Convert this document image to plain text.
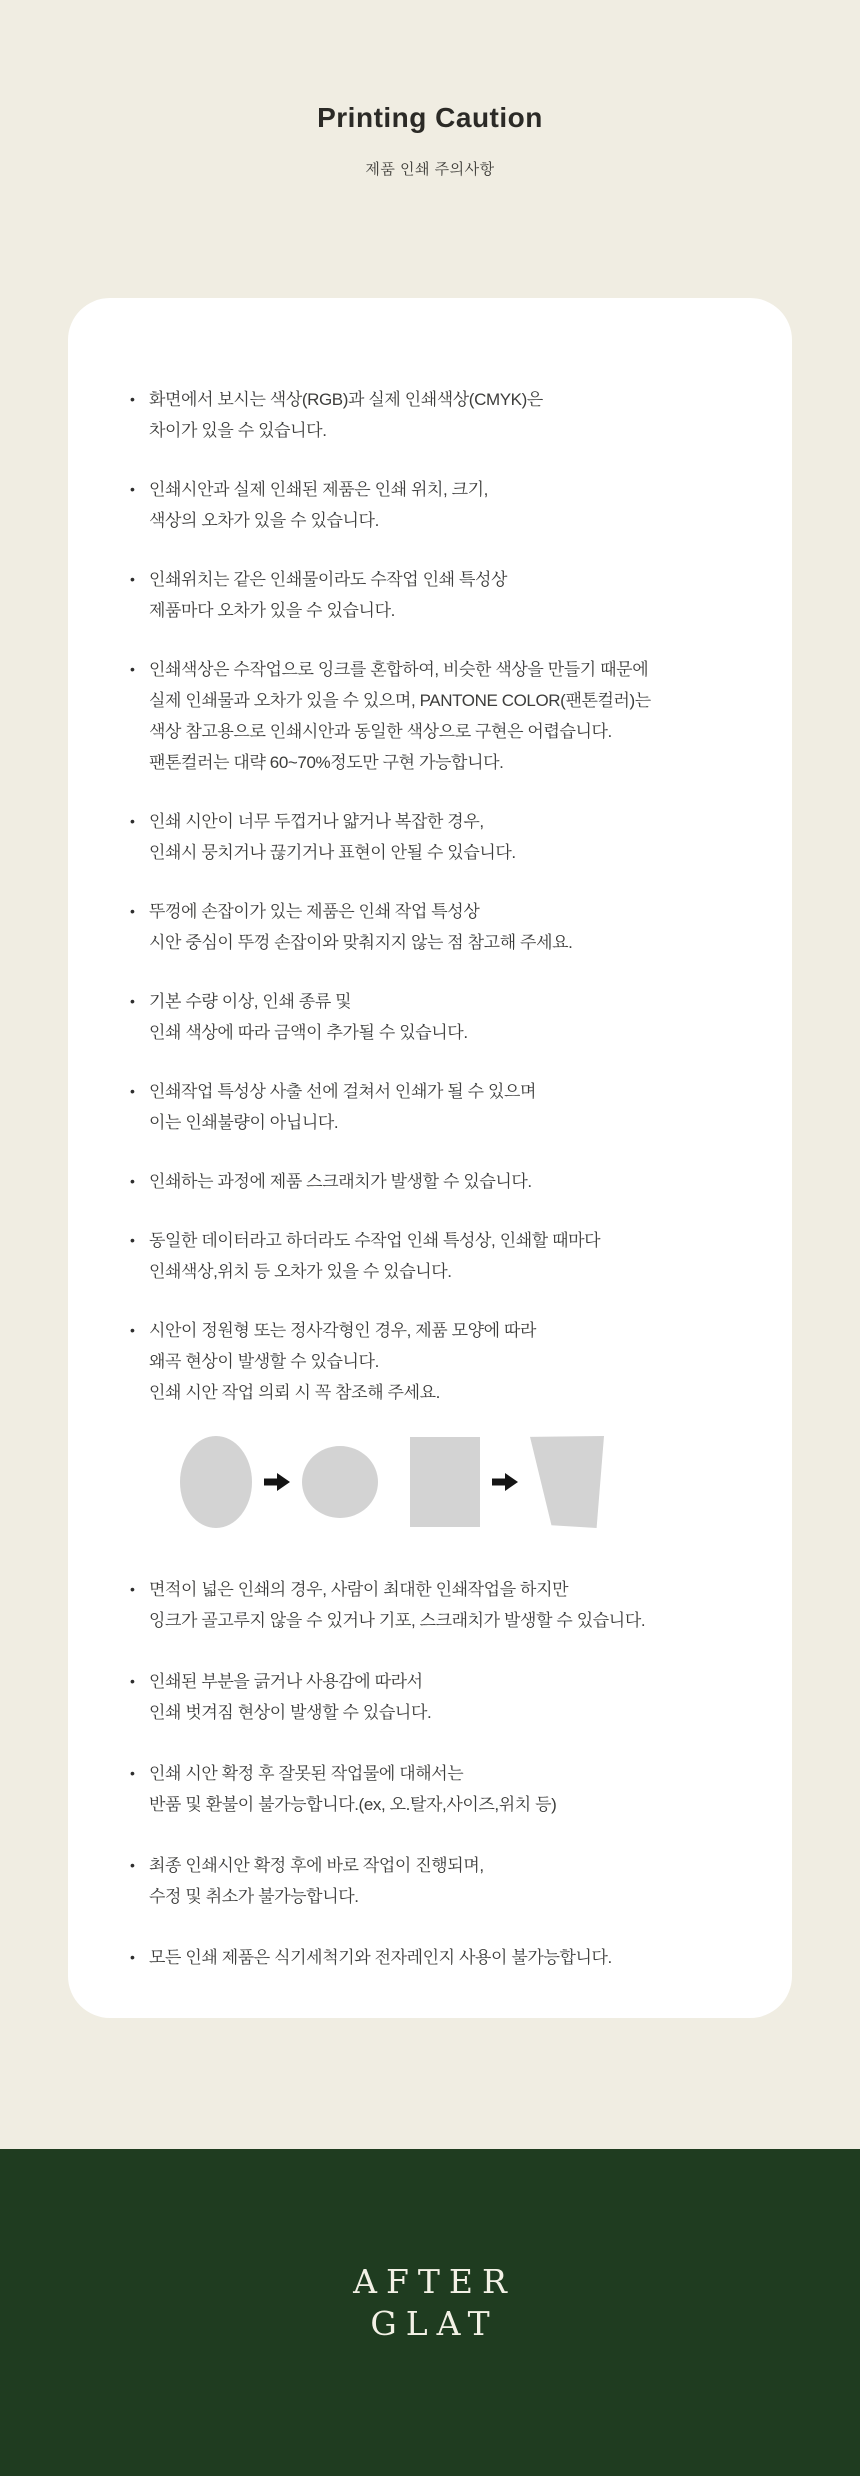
Printing Caution

제품 인쇄 주의사항

•
화면에서 보시는 색상(RGB)과 실제 인쇄색상(CMYK)은
차이가 있을 수 있습니다.
•
인쇄시안과 실제 인쇄된 제품은 인쇄 위치, 크기,
색상의 오차가 있을 수 있습니다.
•
인쇄위치는 같은 인쇄물이라도 수작업 인쇄 특성상
제품마다 오차가 있을 수 있습니다.
•
인쇄색상은 수작업으로 잉크를 혼합하여, 비슷한 색상을 만들기 때문에
실제 인쇄물과 오차가 있을 수 있으며, PANTONE COLOR(팬톤컬러)는
색상 참고용으로 인쇄시안과 동일한 색상으로 구현은 어렵습니다.
팬톤컬러는 대략 60~70%정도만 구현 가능합니다.
•
인쇄 시안이 너무 두껍거나 얇거나 복잡한 경우,
인쇄시 뭉치거나 끊기거나 표현이 안될 수 있습니다.
•
뚜껑에 손잡이가 있는 제품은 인쇄 작업 특성상
시안 중심이 뚜껑 손잡이와 맞춰지지 않는 점 참고해 주세요.
•
기본 수량 이상, 인쇄 종류 및
인쇄 색상에 따라 금액이 추가될 수 있습니다.
•
인쇄작업 특성상 사출 선에 걸쳐서 인쇄가 될 수 있으며
이는 인쇄불량이 아닙니다.
•
인쇄하는 과정에 제품 스크래치가 발생할 수 있습니다.
•
동일한 데이터라고 하더라도 수작업 인쇄 특성상, 인쇄할 때마다
인쇄색상,위치 등 오차가 있을 수 있습니다.
•
시안이 정원형 또는 정사각형인 경우, 제품 모양에 따라
왜곡 현상이 발생할 수 있습니다.
인쇄 시안 작업 의뢰 시 꼭 참조해 주세요.
•
면적이 넓은 인쇄의 경우, 사람이 최대한 인쇄작업을 하지만
잉크가 골고루지 않을 수 있거나 기포, 스크래치가 발생할 수 있습니다.
•
인쇄된 부분을 긁거나 사용감에 따라서
인쇄 벗겨짐 현상이 발생할 수 있습니다.
•
인쇄 시안 확정 후 잘못된 작업물에 대해서는
반품 및 환불이 불가능합니다.(ex, 오.탈자,사이즈,위치 등)
•
최종 인쇄시안 확정 후에 바로 작업이 진행되며,
수정 및 취소가 불가능합니다.
•
모든 인쇄 제품은 식기세척기와 전자레인지 사용이 불가능합니다.
AFTER
GLAT
